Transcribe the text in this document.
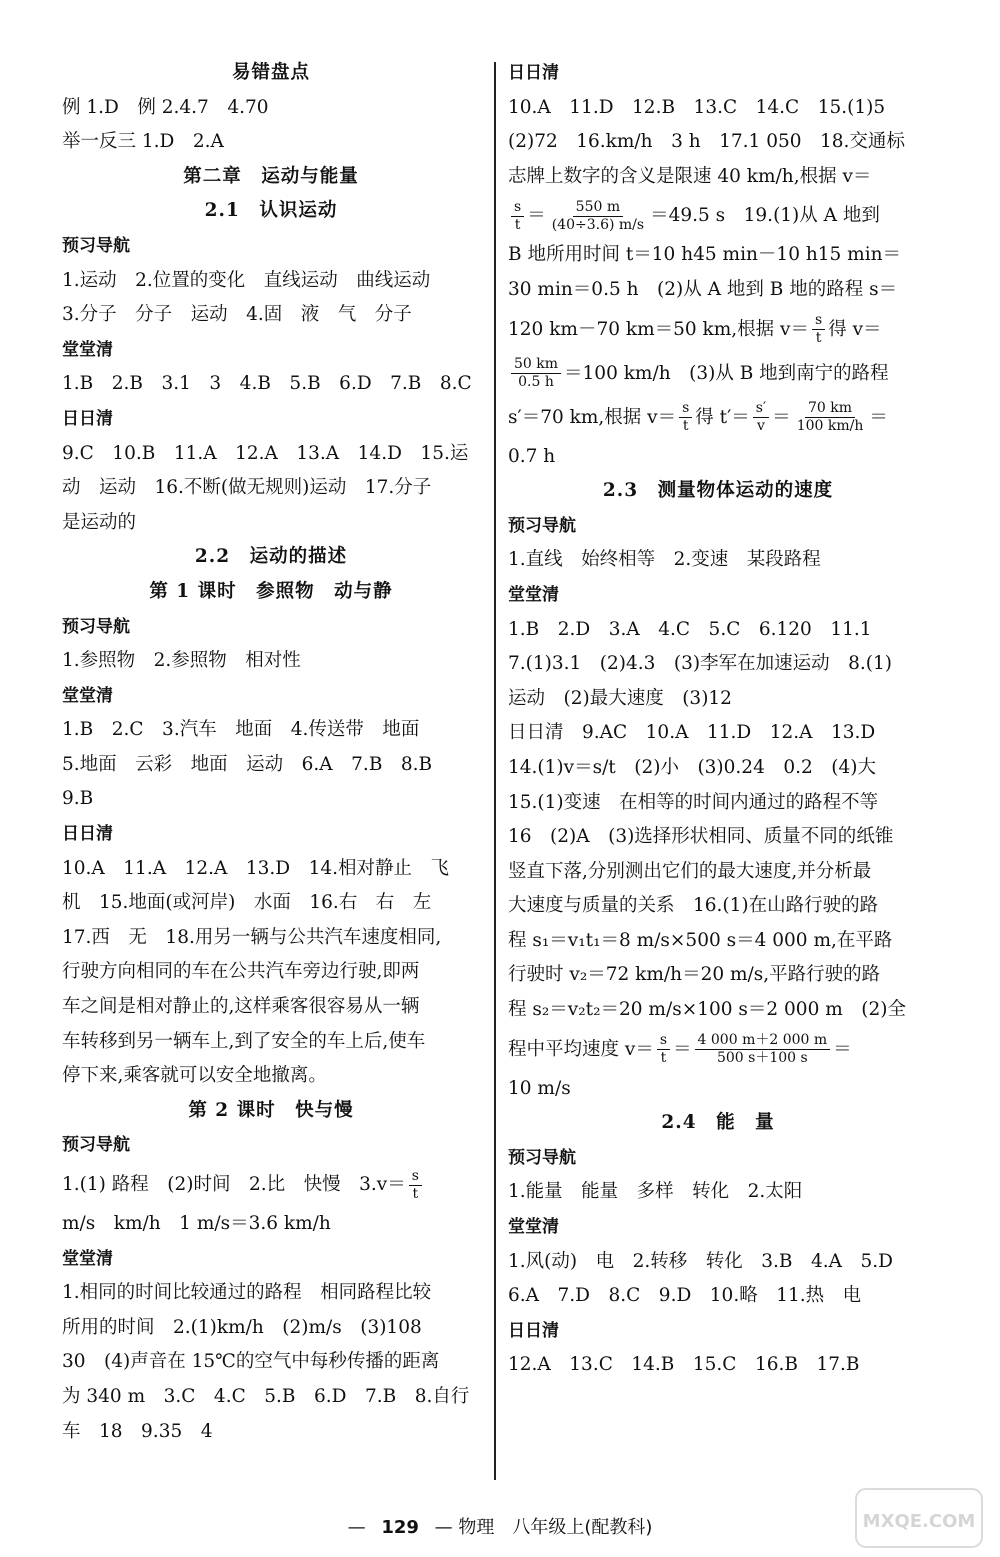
易错盘点
例 1.D　例 2.4.7　4.70
举一反三 1.D　2.A
第二章　运动与能量
2.1　认识运动
预习导航
1.运动　2.位置的变化　直线运动　曲线运动
3.分子　分子　运动　4.固　液　气　分子
堂堂清
1.B　2.B　3.1　3　4.B　5.B　6.D　7.B　8.C
日日清
9.C　10.B　11.A　12.A　13.A　14.D　15.运
动　运动　16.不断(做无规则)运动　17.分子
是运动的
2.2　运动的描述
第 1 课时　参照物　动与静
预习导航
1.参照物　2.参照物　相对性
堂堂清
1.B　2.C　3.汽车　地面　4.传送带　地面
5.地面　云彩　地面　运动　6.A　7.B　8.B
9.B
日日清
10.A　11.A　12.A　13.D　14.相对静止　飞
机　15.地面(或河岸)　水面　16.右　右　左
17.西　无　18.用另一辆与公共汽车速度相同,
行驶方向相同的车在公共汽车旁边行驶,即两
车之间是相对静止的,这样乘客很容易从一辆
车转移到另一辆车上,到了安全的车上后,使车
停下来,乘客就可以安全地撤离。
第 2 课时　快与慢
预习导航
1.(1) 路程　(2)时间　2.比　快慢　$3.v= \frac{s}{t}$
m/s　km/h　1 m/s＝3.6 km/h
堂堂清
1.相同的时间比较通过的路程　相同路程比较
所用的时间　2.(1)km/h　(2)m/s　(3)108
30　(4)声音在 15℃的空气中每秒传播的距离
为 340 m　3.C　4.C　5.B　6.D　7.B　8.自行
车　18　9.35　4
日日清
10.A　11.D　12.B　13.C　14.C　15.(1)5
(2)72　16.km/h　3 h　17.1 050　18.交通标
志牌上数字的含义是限速 40 km/h,根据 v＝
$\frac{s}{t} = \frac{550 m}{(40\div 3.6) m/s} =49.5$ s　19.(1)从 A 地到
B 地所用时间 t＝10 h45 min－10 h15 min＝
30 min＝0.5 h　(2)从 A 地到 B 地的路程 s＝
120 km－70 km＝50 km,根据 $v= \frac{s}{t}$ 得 v＝
$\frac{50 km}{0.5 h} =100$ km/h　(3)从 B 地到南宁的路程
s′＝70 km,根据 $v= \frac{s}{t}$ 得 $t'= \frac{s'}{v} = \frac{70 km}{100 km/h}$ ＝
0.7 h
2.3　测量物体运动的速度
预习导航
1.直线　始终相等　2.变速　某段路程
堂堂清
1.B　2.D　3.A　4.C　5.C　6.120　11.1
7.(1)3.1　(2)4.3　(3)李军在加速运动　8.(1)
运动　(2)最大速度　(3)12
日日清　9.AC　10.A　11.D　12.A　13.D
14.(1)v＝s/t　(2)小　(3)0.24　0.2　(4)大
15.(1)变速　在相等的时间内通过的路程不等
16　(2)A　(3)选择形状相同、质量不同的纸锥
竖直下落,分别测出它们的最大速度,并分析最
大速度与质量的关系　16.(1)在山路行驶的路
程 s₁＝v₁t₁＝8 m/s×500 s＝4 000 m,在平路
行驶时 v₂＝72 km/h＝20 m/s,平路行驶的路
程 s₂＝v₂t₂＝20 m/s×100 s＝2 000 m　(2)全
程中平均速度 $v= \frac{s}{t} = \frac{4 000 m+2 000 m}{500 s+100 s}$ ＝
10 m/s
2.4　能　量
预习导航
1.能量　能量　多样　转化　2.太阳
堂堂清
1.风(动)　电　2.转移　转化　3.B　4.A　5.D
6.A　7.D　8.C　9.D　10.略　11.热　电
日日清
12.A　13.C　14.B　15.C　16.B　17.B
— 129 — 物理　八年级上(配教科)	MXQE.COM
